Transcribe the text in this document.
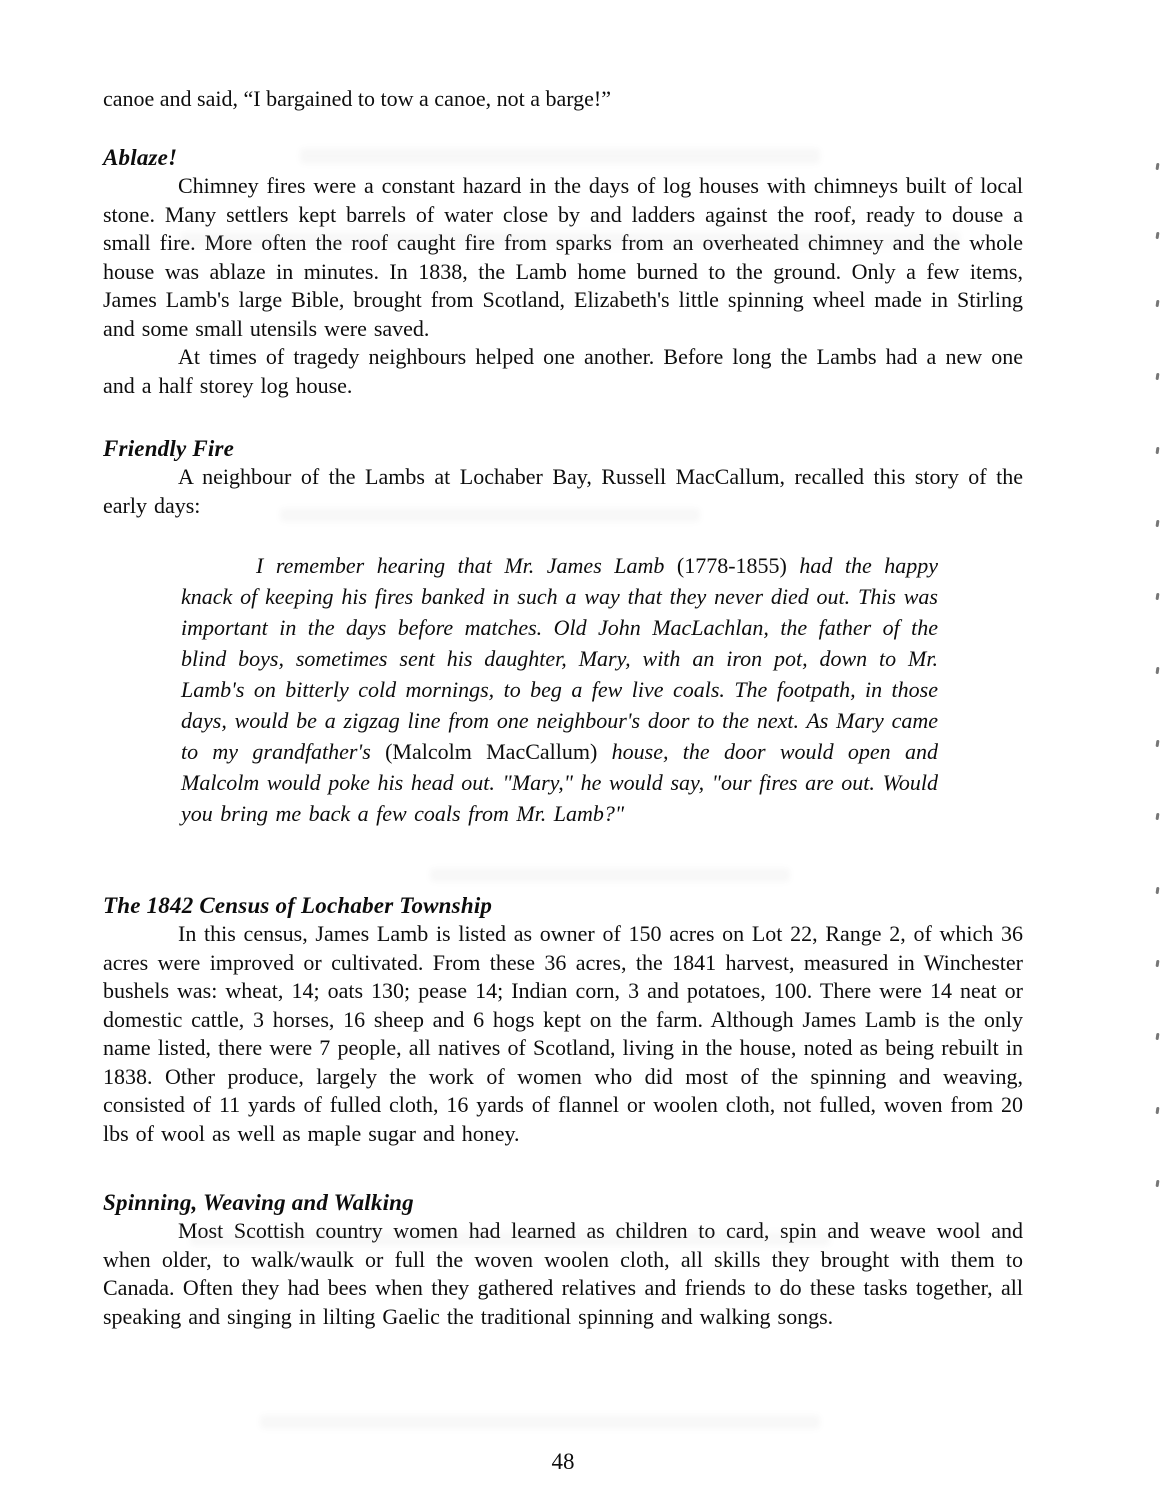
canoe and said, “I bargained to tow a canoe, not a barge!”

Ablaze!

Chimney fires were a constant hazard in the days of log houses with chimneys built of local stone. Many settlers kept barrels of water close by and ladders against the roof, ready to douse a small fire. More often the roof caught fire from sparks from an overheated chimney and the whole house was ablaze in minutes. In 1838, the Lamb home burned to the ground. Only a few items, James Lamb's large Bible, brought from Scotland, Elizabeth's little spinning wheel made in Stirling and some small utensils were saved.

At times of tragedy neighbours helped one another. Before long the Lambs had a new one and a half storey log house.

Friendly Fire

A neighbour of the Lambs at Lochaber Bay, Russell MacCallum, recalled this story of the early days:

I remember hearing that Mr. James Lamb (1778-1855) had the happy knack of keeping his fires banked in such a way that they never died out. This was important in the days before matches. Old John MacLachlan, the father of the blind boys, sometimes sent his daughter, Mary, with an iron pot, down to Mr. Lamb's on bitterly cold mornings, to beg a few live coals. The footpath, in those days, would be a zigzag line from one neighbour's door to the next. As Mary came to my grandfather's (Malcolm MacCallum) house, the door would open and Malcolm would poke his head out. "Mary," he would say, "our fires are out. Would you bring me back a few coals from Mr. Lamb?"
The 1842 Census of Lochaber Township

In this census, James Lamb is listed as owner of 150 acres on Lot 22, Range 2, of which 36 acres were improved or cultivated. From these 36 acres, the 1841 harvest, measured in Winchester bushels was: wheat, 14; oats 130; pease 14; Indian corn, 3 and potatoes, 100. There were 14 neat or domestic cattle, 3 horses, 16 sheep and 6 hogs kept on the farm. Although James Lamb is the only name listed, there were 7 people, all natives of Scotland, living in the house, noted as being rebuilt in 1838. Other produce, largely the work of women who did most of the spinning and weaving, consisted of 11 yards of fulled cloth, 16 yards of flannel or woolen cloth, not fulled, woven from 20 lbs of wool as well as maple sugar and honey.

Spinning, Weaving and Walking

Most Scottish country women had learned as children to card, spin and weave wool and when older, to walk/waulk or full the woven woolen cloth, all skills they brought with them to Canada. Often they had bees when they gathered relatives and friends to do these tasks together, all speaking and singing in lilting Gaelic the traditional spinning and walking songs.

48
